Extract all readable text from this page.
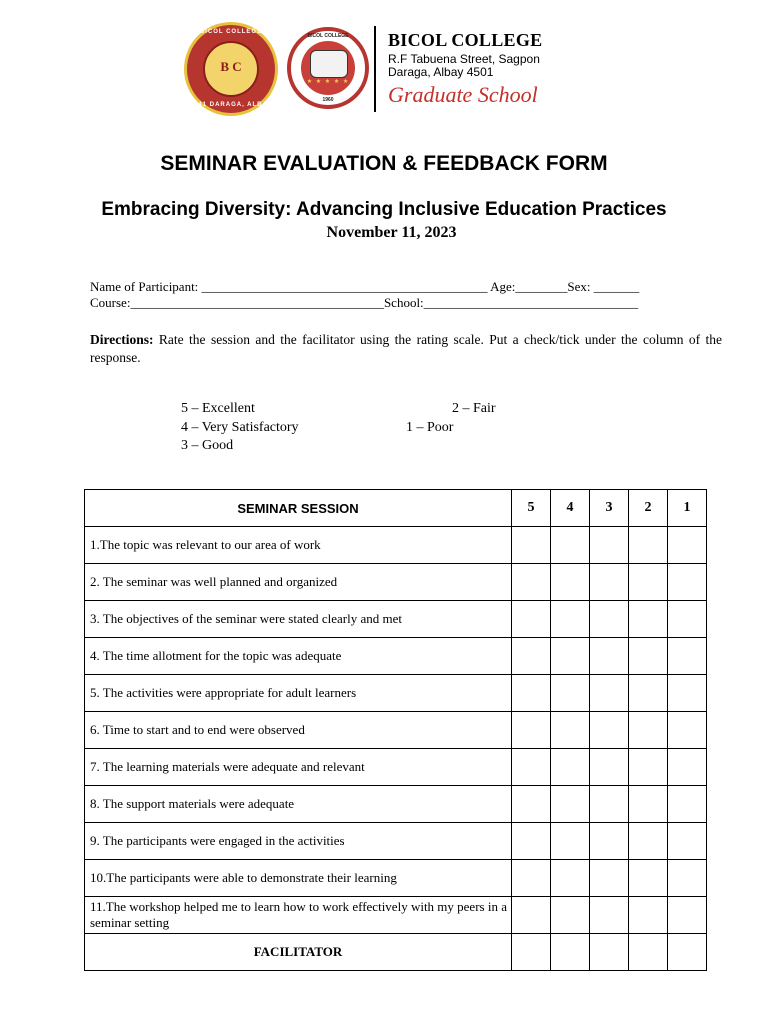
BICOL COLLEGE
B C
1941 DARAGA, ALBAY
BICOL COLLEGE
★ ★ ★ ★ ★
1960
BICOL COLLEGE
R.F Tabuena Street, Sagpon
Daraga, Albay 4501
Graduate School
SEMINAR EVALUATION & FEEDBACK FORM
Embracing Diversity: Advancing Inclusive Education Practices
November 11, 2023
Name of Participant: ____________________________________________ Age:________Sex: _______
Course:_______________________________________School:_________________________________
Directions: Rate the session and the facilitator using the rating scale. Put a check/tick under the column of the response.
5 – Excellent
4 – Very Satisfactory
3 – Good
2 – Fair
1 – Poor
SEMINAR SESSION	5	4	3	2	1
1.The topic was relevant to our area of work					
2. The seminar was well planned and organized					
3. The objectives of the seminar were stated clearly and met					
4. The time allotment for the topic was adequate					
5. The activities were appropriate for adult learners					
6. Time to start and to end were observed					
7. The learning materials were adequate and relevant					
8. The support materials were adequate					
9. The participants were engaged in the activities					
10.The participants were able to demonstrate their learning					
11.The workshop helped me to learn how to work effectively with my peers in a seminar setting					
FACILITATOR					
